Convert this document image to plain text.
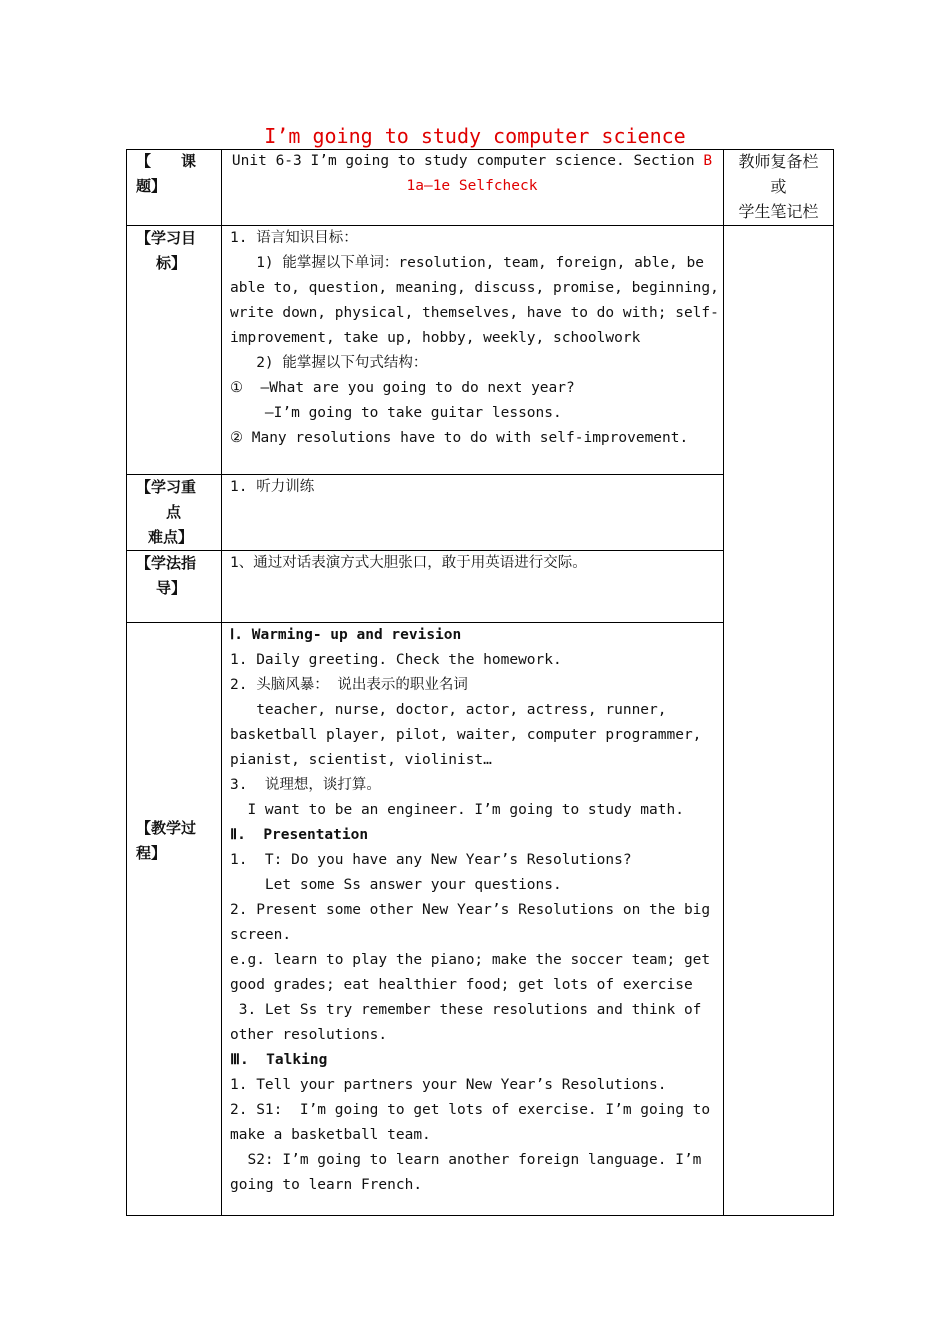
I’m going to study computer science
【　　课
题】
Unit 6-3 I’m going to study computer science. Section B
1a—1e Selfcheck
教师复备栏
或
学生笔记栏
【学习目
标】
1. 语言知识目标：
1) 能掌握以下单词：resolution, team, foreign, able, be
able to, question, meaning, discuss, promise, beginning,
write down, physical, themselves, have to do with; self-
improvement, take up, hobby, weekly, schoolwork
2) 能掌握以下句式结构：
①  —What are you going to do next year?
—I’m going to take guitar lessons.
② Many resolutions have to do with self-improvement.
【学习重
点
难点】
1. 听力训练
【学法指
导】
1、通过对话表演方式大胆张口，敢于用英语进行交际。
【教学过
程】
Ⅰ. Warming- up and revision
1. Daily greeting. Check the homework.
2. 头脑风暴： 说出表示的职业名词
teacher, nurse, doctor, actor, actress, runner,
basketball player, pilot, waiter, computer programmer,
pianist, scientist, violinist…
3.  说理想，谈打算。
I want to be an engineer. I’m going to study math.
Ⅱ.  Presentation
1.  T: Do you have any New Year’s Resolutions?
Let some Ss answer your questions.
2. Present some other New Year’s Resolutions on the big
screen.
e.g. learn to play the piano; make the soccer team; get
good grades; eat healthier food; get lots of exercise
3. Let Ss try remember these resolutions and think of
other resolutions.
Ⅲ.  Talking
1. Tell your partners your New Year’s Resolutions.
2. S1:  I’m going to get lots of exercise. I’m going to
make a basketball team.
S2: I’m going to learn another foreign language. I’m
going to learn French.
